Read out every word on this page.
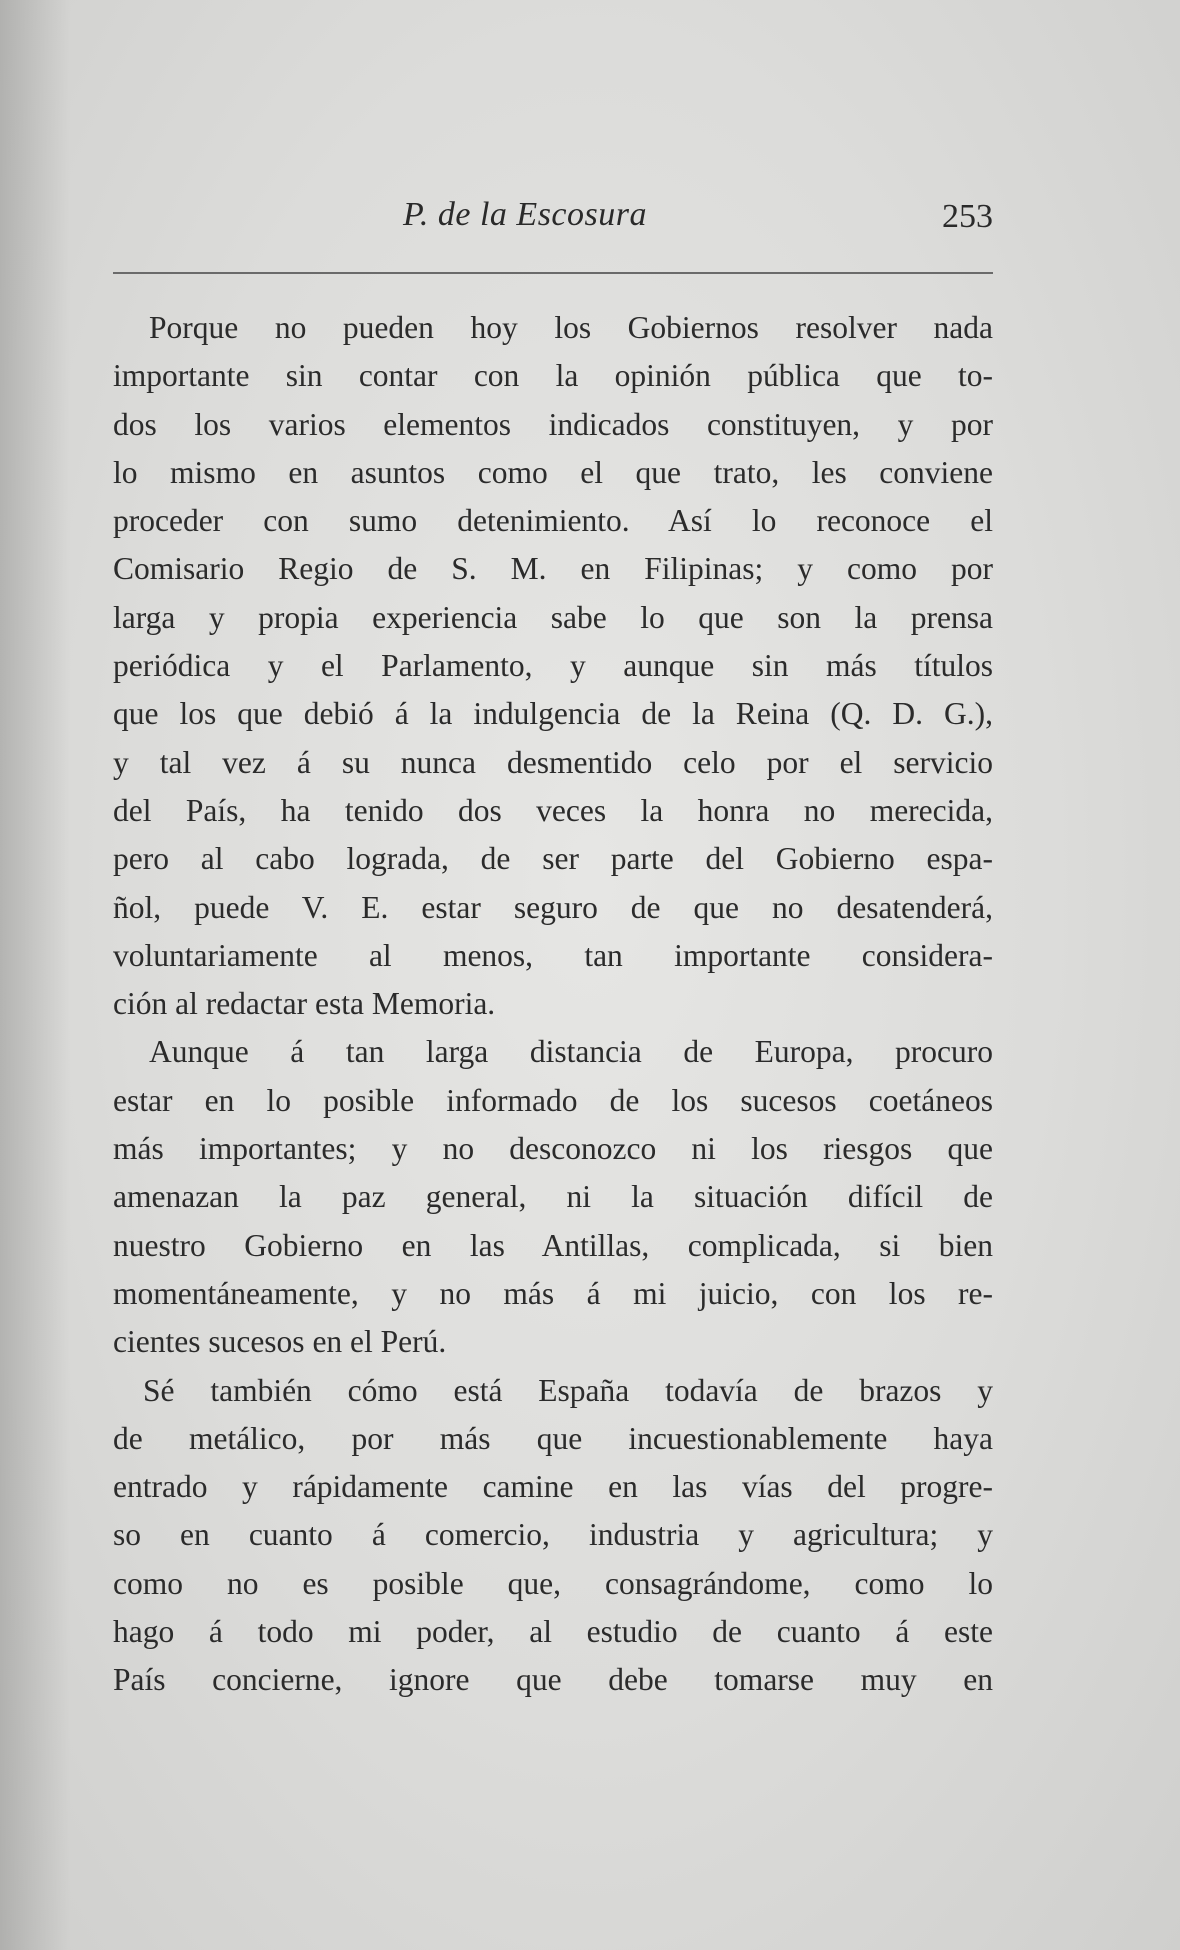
P. de la Escosura	253
Porque no pueden hoy los Gobiernos resolver nada
importante sin contar con la opinión pública que to-
dos los varios elementos indicados constituyen, y por
lo mismo en asuntos como el que trato, les conviene
proceder con sumo detenimiento. Así lo reconoce el
Comisario Regio de S. M. en Filipinas; y como por
larga y propia experiencia sabe lo que son la prensa
periódica y el Parlamento, y aunque sin más títulos
que los que debió á la indulgencia de la Reina (Q. D. G.),
y tal vez á su nunca desmentido celo por el servicio
del País, ha tenido dos veces la honra no merecida,
pero al cabo lograda, de ser parte del Gobierno espa-
ñol, puede V. E. estar seguro de que no desatenderá,
voluntariamente al menos, tan importante considera-
ción al redactar esta Memoria.
Aunque á tan larga distancia de Europa, procuro
estar en lo posible informado de los sucesos coetáneos
más importantes; y no desconozco ni los riesgos que
amenazan la paz general, ni la situación difícil de
nuestro Gobierno en las Antillas, complicada, si bien
momentáneamente, y no más á mi juicio, con los re-
cientes sucesos en el Perú.
Sé también cómo está España todavía de brazos y
de metálico, por más que incuestionablemente haya
entrado y rápidamente camine en las vías del progre-
so en cuanto á comercio, industria y agricultura; y
como no es posible que, consagrándome, como lo
hago á todo mi poder, al estudio de cuanto á este
País concierne, ignore que debe tomarse muy en
